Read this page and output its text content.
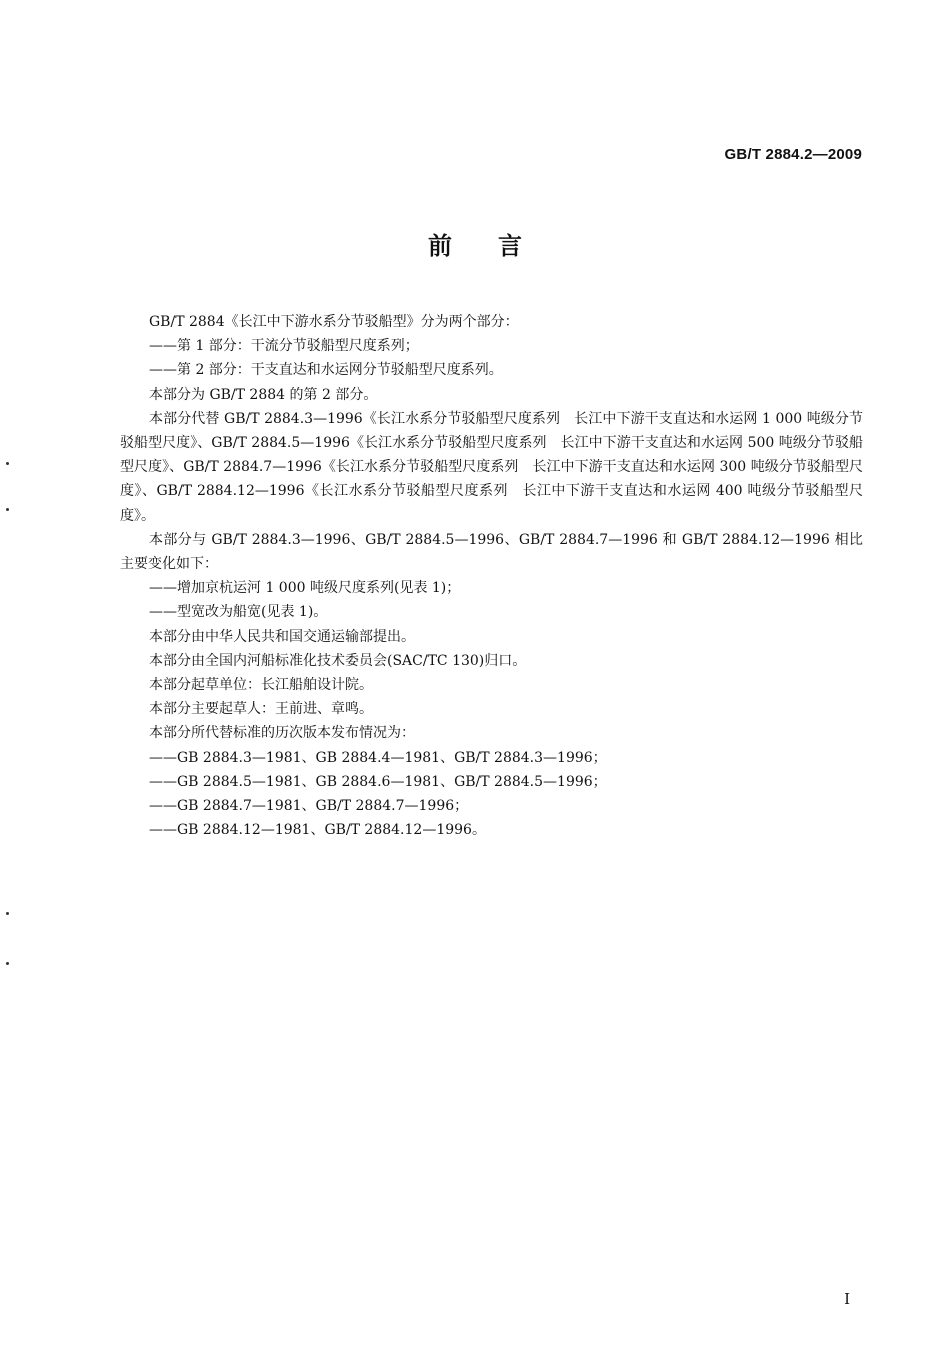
GB/T 2884.2—2009
前言

GB/T 2884《长江中下游水系分节驳船型》分为两个部分：

——第 1 部分：干流分节驳船型尺度系列；

——第 2 部分：干支直达和水运网分节驳船型尺度系列。

本部分为 GB/T 2884 的第 2 部分。

本部分代替 GB/T 2884.3—1996《长江水系分节驳船型尺度系列　长江中下游干支直达和水运网 1 000 吨级分节驳船型尺度》、GB/T 2884.5—1996《长江水系分节驳船型尺度系列　长江中下游干支直达和水运网 500 吨级分节驳船型尺度》、GB/T 2884.7—1996《长江水系分节驳船型尺度系列　长江中下游干支直达和水运网 300 吨级分节驳船型尺度》、GB/T 2884.12—1996《长江水系分节驳船型尺度系列　长江中下游干支直达和水运网 400 吨级分节驳船型尺度》。

本部分与 GB/T 2884.3—1996、GB/T 2884.5—1996、GB/T 2884.7—1996 和 GB/T 2884.12—1996 相比主要变化如下：

——增加京杭运河 1 000 吨级尺度系列(见表 1)；

——型宽改为船宽(见表 1)。

本部分由中华人民共和国交通运输部提出。

本部分由全国内河船标准化技术委员会(SAC/TC 130)归口。

本部分起草单位：长江船舶设计院。

本部分主要起草人：王前进、章鸣。

本部分所代替标准的历次版本发布情况为：

——GB 2884.3—1981、GB 2884.4—1981、GB/T 2884.3—1996；

——GB 2884.5—1981、GB 2884.6—1981、GB/T 2884.5—1996；

——GB 2884.7—1981、GB/T 2884.7—1996；

——GB 2884.12—1981、GB/T 2884.12—1996。

I
